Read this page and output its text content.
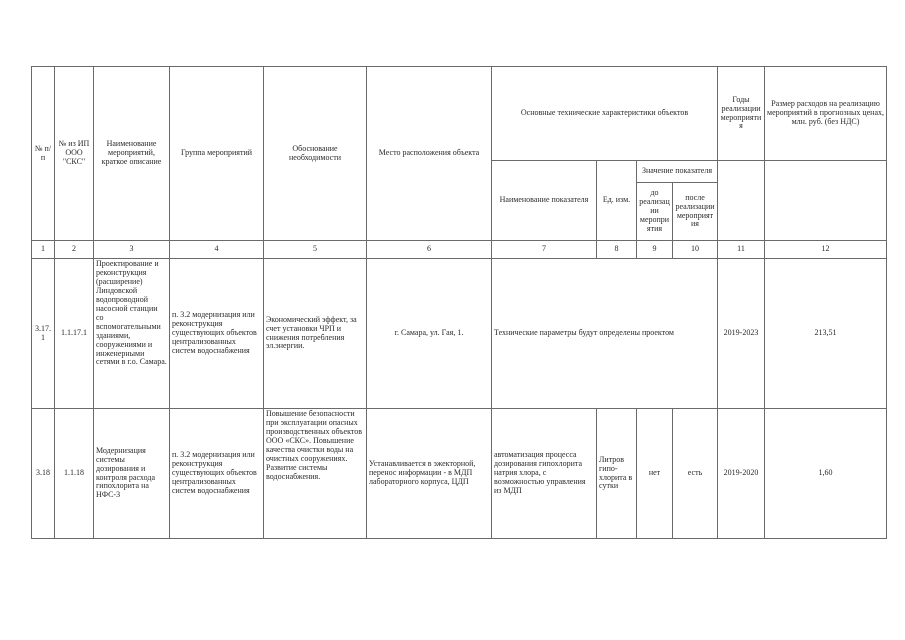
№ п/п	№ из ИП ООО "СКС"	Наименование мероприятий, краткое описание	Группа мероприятий	Обоснование необходимости	Место расположения объекта	Основные технические характеристики объектов				Годы реализации мероприятия	Размер расходов на реализацию мероприятий в прогнозных ценах, млн. руб. (без НДС)
						Наименование показателя	Ед. изм.	Значение показателя			
								до реализации мероприятия	после реализации мероприятия		
1	2	3	4	5	6	7	8	9	10	11	12
3.17.1	1.1.17.1	Проектирование и реконструкция (расширение) Линдовской водопроводной насосной станции со вспомогательными зданиями, сооружениями и инженерными сетями в г.о. Самара.	п. 3.2 модернизация или реконструкция существующих объектов централизованных систем водоснабжения	Экономический эффект, за счет установки ЧРП и снижения потребления эл.энергии.	г. Самара, ул. Гая, 1.	Технические параметры будут определены проектом				2019-2023	213,51
3.18	1.1.18	Модернизация системы дозирования и контроля расхода гипохлорита на НФС-3	п. 3.2 модернизация или реконструкция существующих объектов централизованных систем водоснабжения	Повышение безопасности при эксплуатации опасных производственных объектов ООО «СКС». Повышение качества очистки воды на очистных сооружениях. Развитие системы водоснабжения.	Устанавливается в эжекторной, перенос информации - в МДП лабораторного корпуса, ЦДП	автоматизация процесса дозирования гипохлорита натрия хлора, с возможностью управления из МДП	Литров гипо-хлорита в сутки	нет	есть	2019-2020	1,60
